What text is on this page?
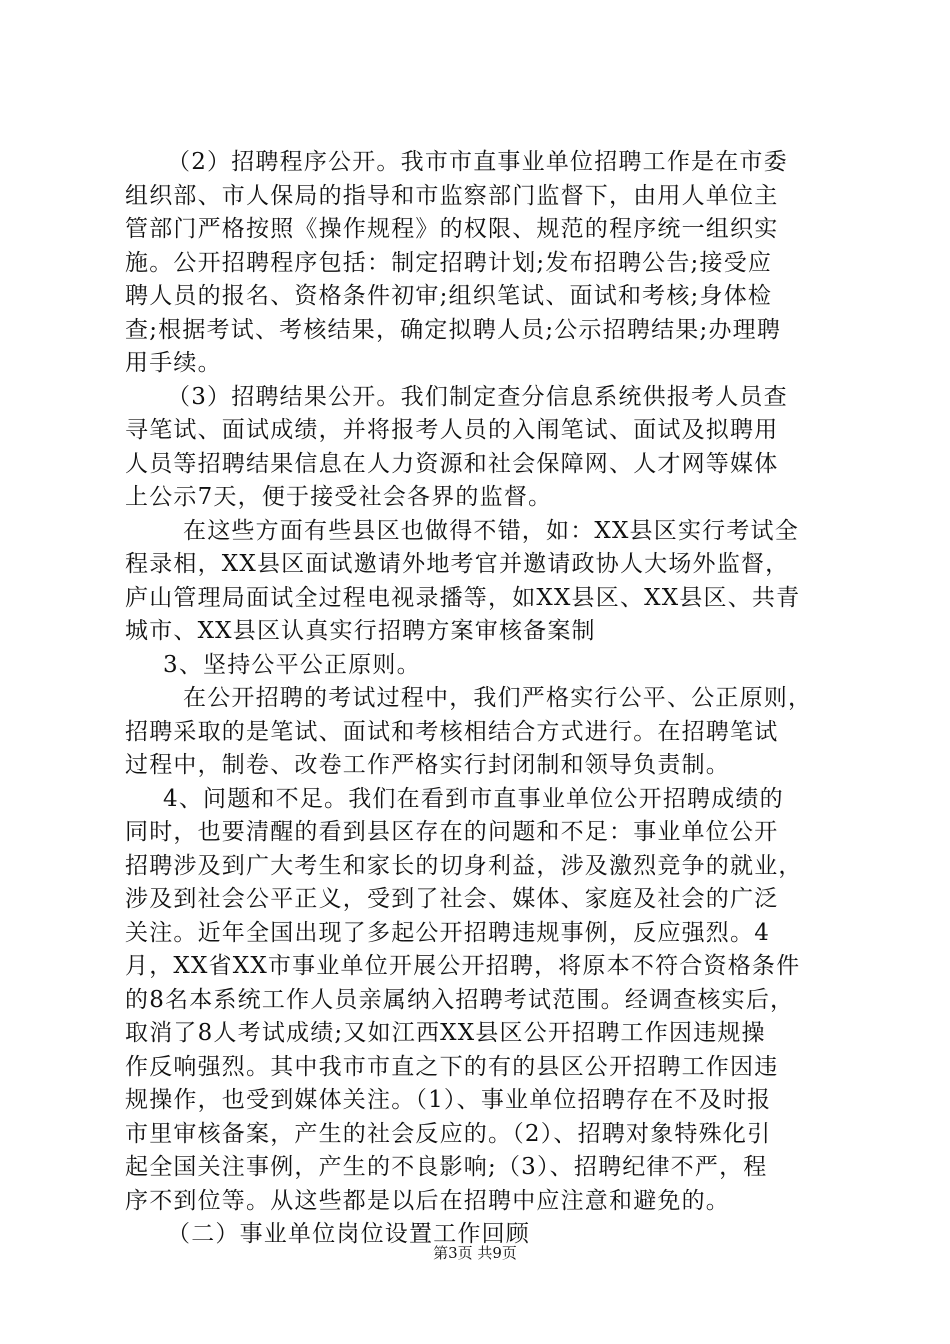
（2）招聘程序公开。我市市直事业单位招聘工作是在市委
组织部、市人保局的指导和市监察部门监督下，由用人单位主
管部门严格按照《操作规程》的权限、规范的程序统一组织实
施。公开招聘程序包括：制定招聘计划;发布招聘公告;接受应
聘人员的报名、资格条件初审;组织笔试、面试和考核;身体检
查;根据考试、考核结果，确定拟聘人员;公示招聘结果;办理聘
用手续。
（3）招聘结果公开。我们制定查分信息系统供报考人员查
寻笔试、面试成绩，并将报考人员的入闱笔试、面试及拟聘用
人员等招聘结果信息在人力资源和社会保障网、人才网等媒体
上公示7天，便于接受社会各界的监督。
在这些方面有些县区也做得不错，如：XX县区实行考试全
程录相，XX县区面试邀请外地考官并邀请政协人大场外监督，
庐山管理局面试全过程电视录播等，如XX县区、XX县区、共青
城市、XX县区认真实行招聘方案审核备案制
3、坚持公平公正原则。
在公开招聘的考试过程中，我们严格实行公平、公正原则，
招聘采取的是笔试、面试和考核相结合方式进行。在招聘笔试
过程中，制卷、改卷工作严格实行封闭制和领导负责制。
4、问题和不足。我们在看到市直事业单位公开招聘成绩的
同时，也要清醒的看到县区存在的问题和不足：事业单位公开
招聘涉及到广大考生和家长的切身利益，涉及激烈竞争的就业，
涉及到社会公平正义，受到了社会、媒体、家庭及社会的广泛
关注。近年全国出现了多起公开招聘违规事例，反应强烈。4
月，XX省XX市事业单位开展公开招聘，将原本不符合资格条件
的8名本系统工作人员亲属纳入招聘考试范围。经调查核实后，
取消了8人考试成绩;又如江西XX县区公开招聘工作因违规操
作反响强烈。其中我市市直之下的有的县区公开招聘工作因违
规操作，也受到媒体关注。（1）、事业单位招聘存在不及时报
市里审核备案，产生的社会反应的。（2）、招聘对象特殊化引
起全国关注事例，产生的不良影响;（3）、招聘纪律不严，程
序不到位等。从这些都是以后在招聘中应注意和避免的。
（二）事业单位岗位设置工作回顾
第3页 共9页
